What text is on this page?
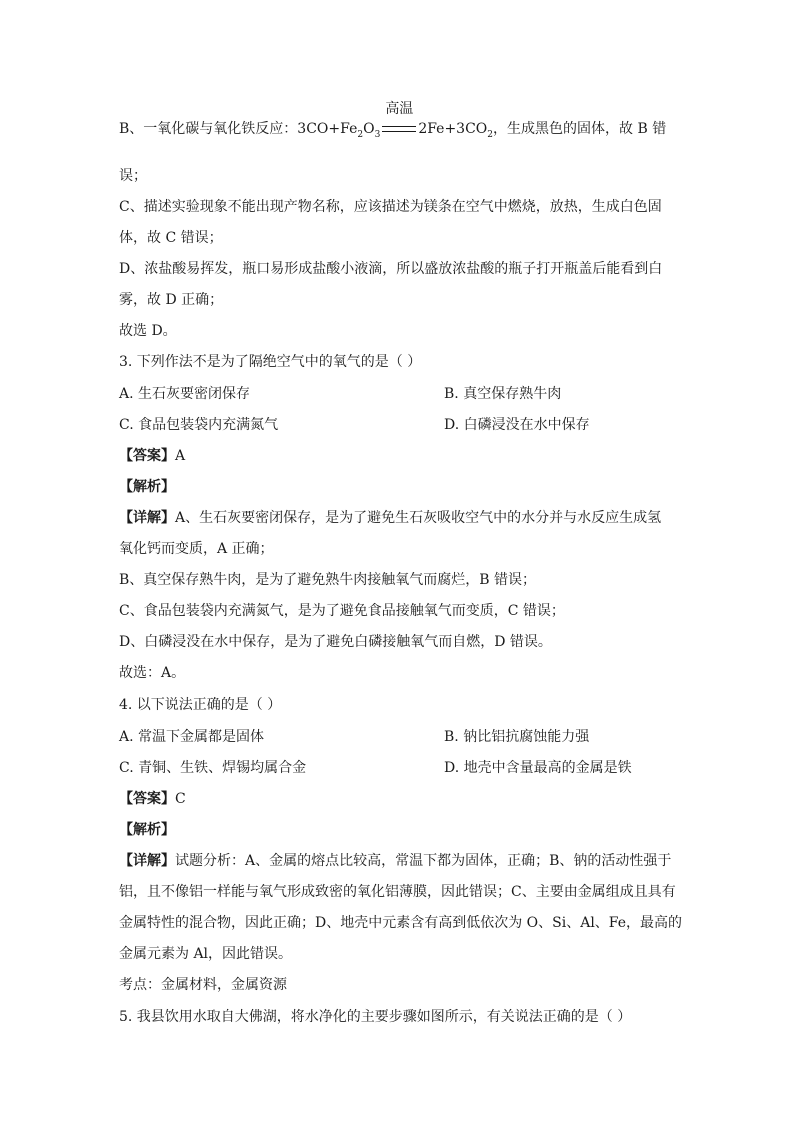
B、一氧化碳与氧化铁反应：$3CO+Fe_2O_3$
高温
$2Fe+3CO_2$，生成黑色的固体，故 B 错
误；
C、描述实验现象不能出现产物名称，应该描述为镁条在空气中燃烧，放热，生成白色固
体，故 C 错误；
D、浓盐酸易挥发，瓶口易形成盐酸小液滴，所以盛放浓盐酸的瓶子打开瓶盖后能看到白
雾，故 D 正确；
故选 D。
3. 下列作法不是为了隔绝空气中的氧气的是（ ）
A. 生石灰要密闭保存	B. 真空保存熟牛肉
C. 食品包装袋内充满氮气	D. 白磷浸没在水中保存
【答案】A
【解析】
【详解】A、生石灰要密闭保存，是为了避免生石灰吸收空气中的水分并与水反应生成氢
氧化钙而变质，A 正确；
B、真空保存熟牛肉，是为了避免熟牛肉接触氧气而腐烂，B 错误；
C、食品包装袋内充满氮气，是为了避免食品接触氧气而变质，C 错误；
D、白磷浸没在水中保存，是为了避免白磷接触氧气而自燃，D 错误。
故选：A。
4. 以下说法正确的是（ ）
A. 常温下金属都是固体	B. 钠比铝抗腐蚀能力强
C. 青铜、生铁、焊锡均属合金	D. 地壳中含量最高的金属是铁
【答案】C
【解析】
【详解】试题分析：A、金属的熔点比较高，常温下都为固体，正确；B、钠的活动性强于
铝，且不像铝一样能与氧气形成致密的氧化铝薄膜，因此错误；C、主要由金属组成且具有
金属特性的混合物，因此正确；D、地壳中元素含有高到低依次为 O、Si、Al、Fe，最高的
金属元素为 Al，因此错误。
考点：金属材料，金属资源
5. 我县饮用水取自大佛湖，将水净化的主要步骤如图所示，有关说法正确的是（ ）
